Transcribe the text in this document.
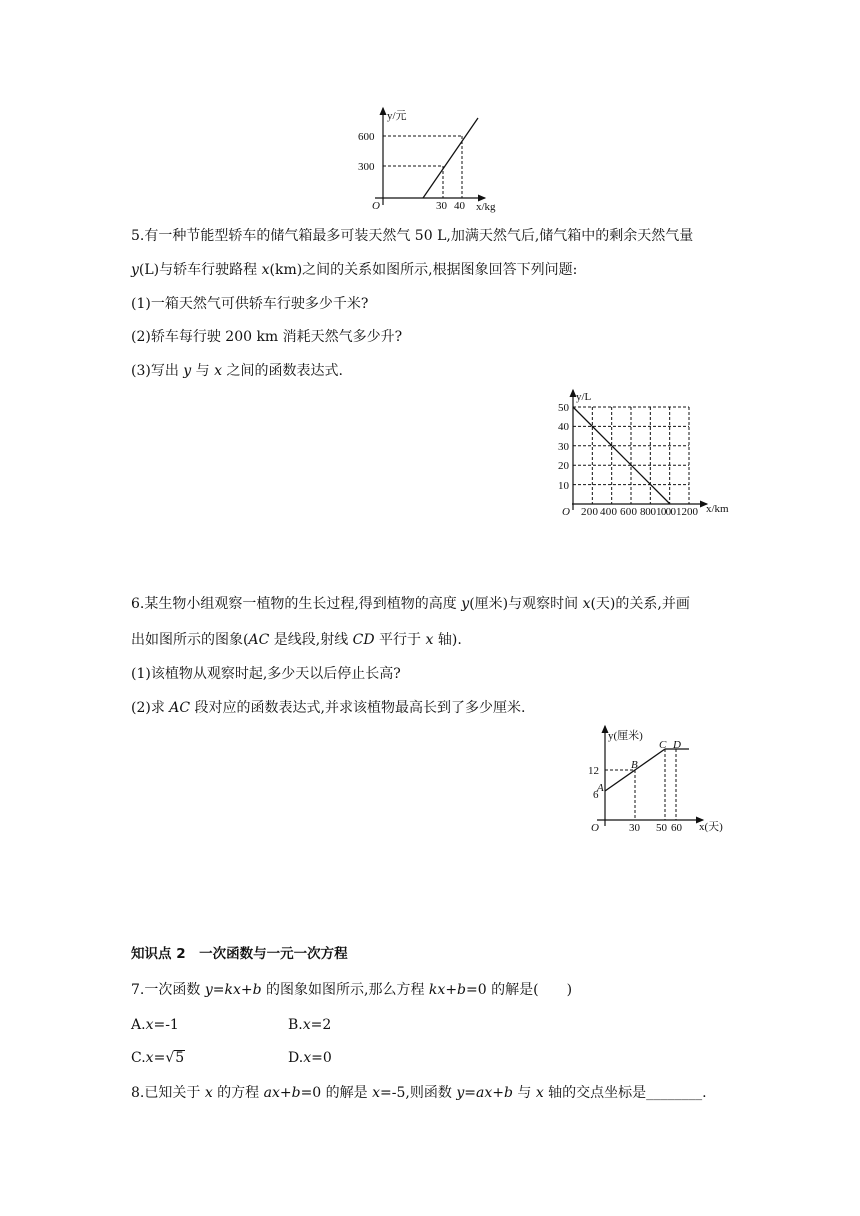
y/元
x/kg
O
600
300
30 40
5.有一种节能型轿车的储气箱最多可装天然气 50 L,加满天然气后,储气箱中的剩余天然气量
y(L)与轿车行驶路程 x(km)之间的关系如图所示,根据图象回答下列问题:
(1)一箱天然气可供轿车行驶多少千米?
(2)轿车每行驶 200 km 消耗天然气多少升?
(3)写出 y 与 x 之间的函数表达式.
y/L
x/km
O
50
40
30
20
10
200 400 600 800 1000 1200
6.某生物小组观察一植物的生长过程,得到植物的高度 y(厘米)与观察时间 x(天)的关系,并画
出如图所示的图象(AC 是线段,射线 CD 平行于 x 轴).
(1)该植物从观察时起,多少天以后停止长高?
(2)求 AC 段对应的函数表达式,并求该植物最高长到了多少厘米.
y(厘米)
x(天)
O
A
B
C D
12
6
30 50 60
知识点 2　一次函数与一元一次方程
7.一次函数 y=kx+b 的图象如图所示,那么方程 kx+b=0 的解是(　　)
A.x=-1	B.x=2
C.x=√5	D.x=0
8.已知关于 x 的方程 ax+b=0 的解是 x=-5,则函数 y=ax+b 与 x 轴的交点坐标是________.
